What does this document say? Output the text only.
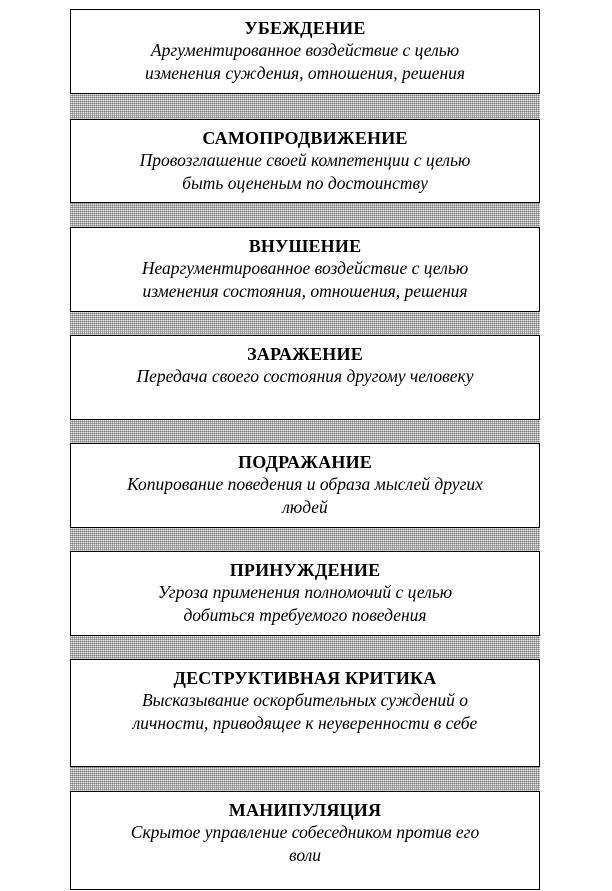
УБЕЖДЕНИЕ
Аргументированное воздействие с целью
изменения суждения, отношения, решения
САМОПРОДВИЖЕНИЕ
Провозглашение своей компетенции с целью
быть оцененым по достоинству
ВНУШЕНИЕ
Неаргументированное воздействие с целью
изменения состояния, отношения, решения
ЗАРАЖЕНИЕ
Передача своего состояния другому человеку
ПОДРАЖАНИЕ
Копирование поведения и образа мыслей других
людей
ПРИНУЖДЕНИЕ
Угроза применения полномочий с целью
добиться требуемого поведения
ДЕСТРУКТИВНАЯ КРИТИКА
Высказывание оскорбительных суждений о
личности, приводящее к неуверенности в себе
МАНИПУЛЯЦИЯ
Скрытое управление собеседником против его
воли
